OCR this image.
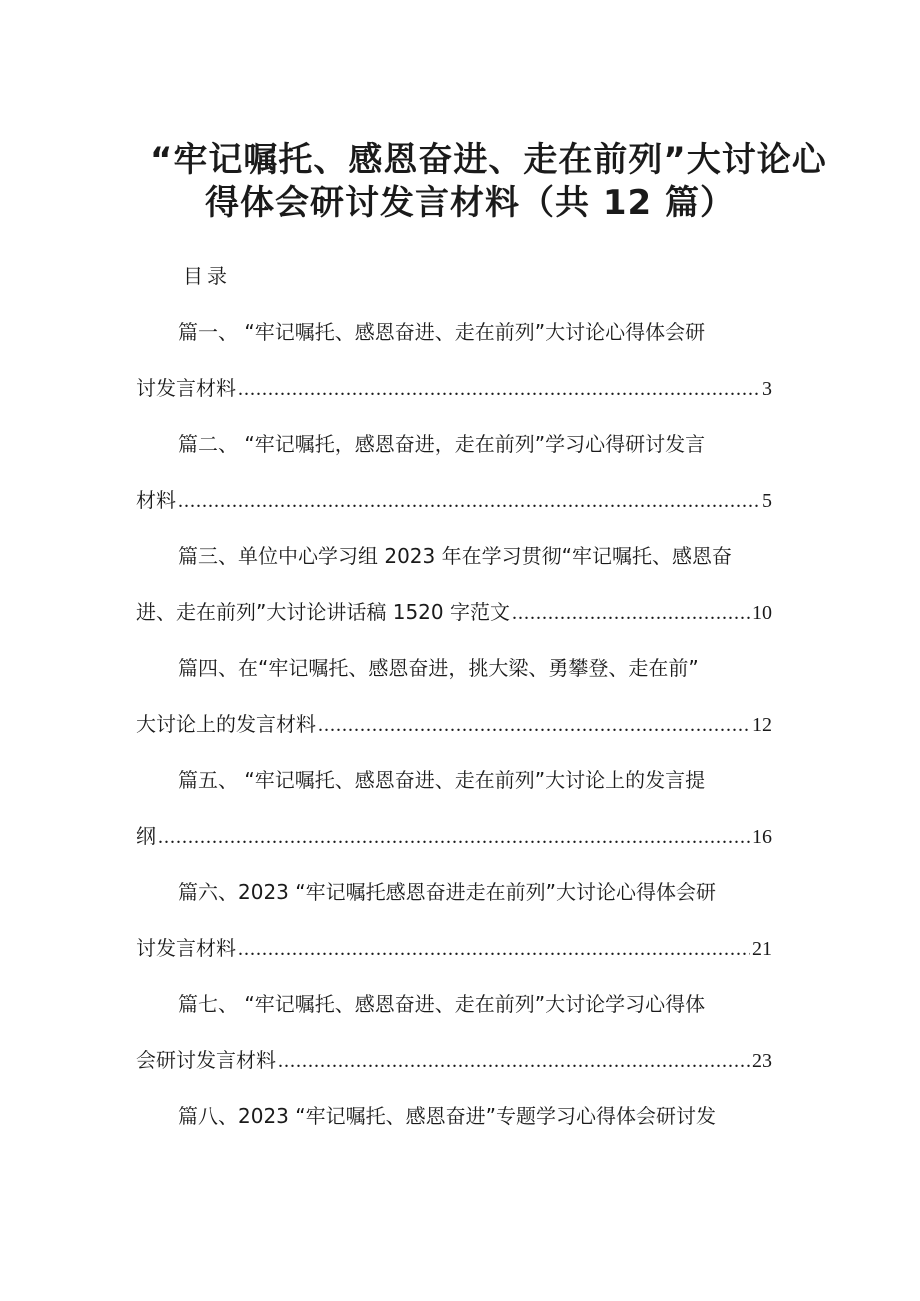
“牢记嘱托、感恩奋进、走在前列”大讨论心
得体会研讨发言材料（共 12 篇）
目录
篇一、 “牢记嘱托、感恩奋进、走在前列”大讨论心得体会研
讨发言材料 .....	3
篇二、 “牢记嘱托，感恩奋进，走在前列”学习心得研讨发言
材料 .....	5
篇三、单位中心学习组 2023 年在学习贯彻“牢记嘱托、感恩奋
进、走在前列”大讨论讲话稿 1520 字范文 .....	10
篇四、在“牢记嘱托、感恩奋进，挑大梁、勇攀登、走在前”
大讨论上的发言材料 .....	12
篇五、 “牢记嘱托、感恩奋进、走在前列”大讨论上的发言提
纲 .....	16
篇六、2023 “牢记嘱托感恩奋进走在前列”大讨论心得体会研
讨发言材料 .....	21
篇七、 “牢记嘱托、感恩奋进、走在前列”大讨论学习心得体
会研讨发言材料 .....	23
篇八、2023 “牢记嘱托、感恩奋进”专题学习心得体会研讨发
